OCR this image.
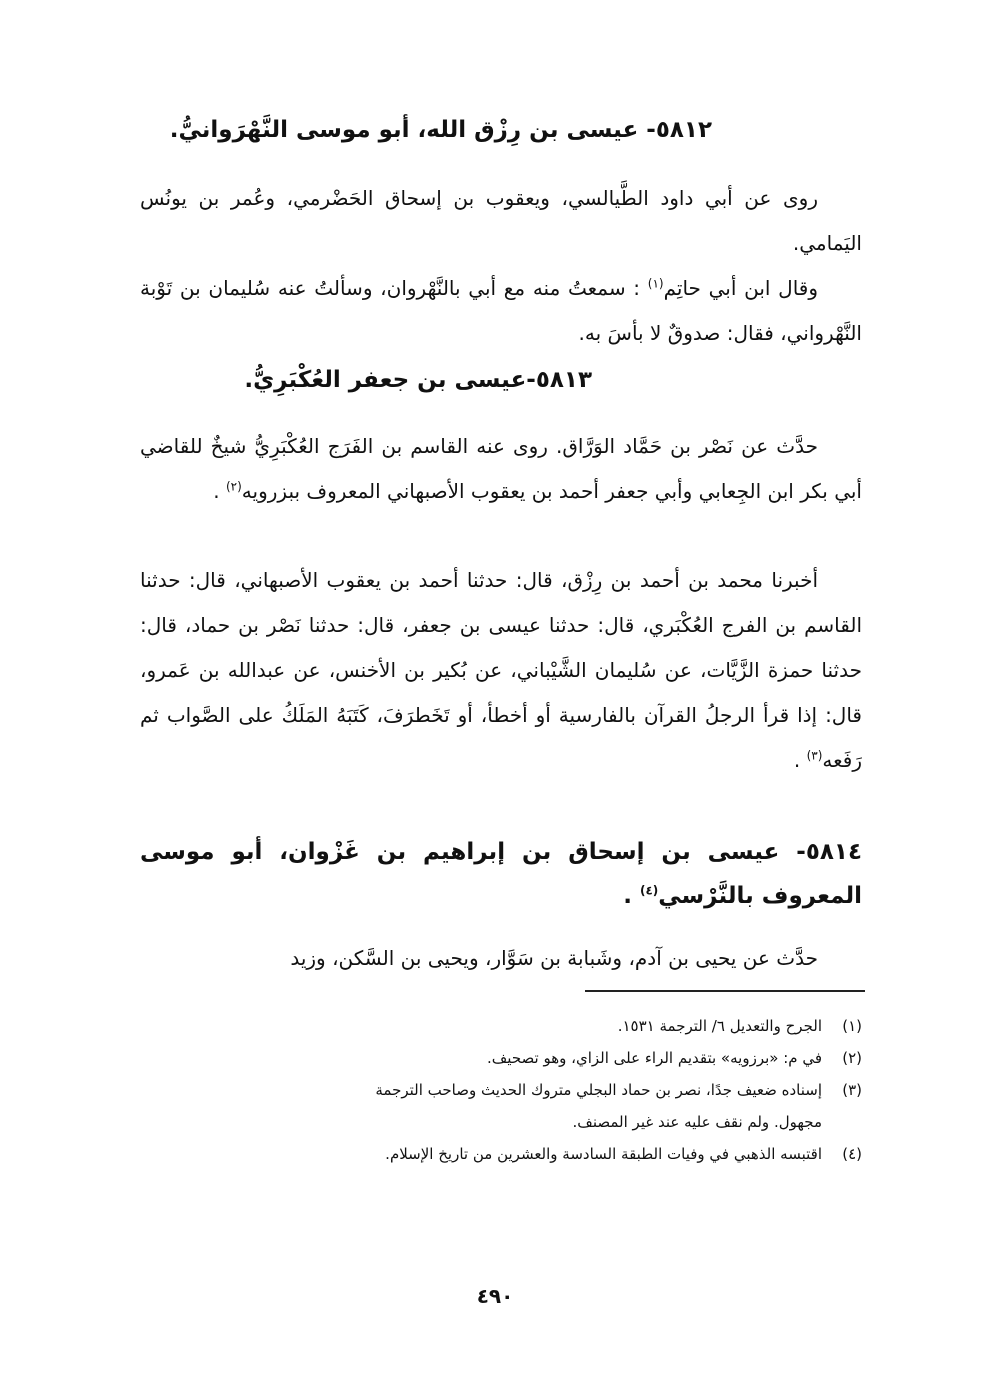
٥٨١٢- عيسى بن رِزْق الله، أبو موسى النَّهْرَوانيُّ.

روى عن أبي داود الطَّيالسي، ويعقوب بن إسحاق الحَضْرمي، وعُمر بن يونُس اليَمامي.

وقال ابن أبي حاتِم$^{(١)}$ : سمعتُ منه مع أبي بالنَّهْروان، وسألتُ عنه سُليمان بن تَوْبة النَّهْرواني، فقال: صدوقٌ لا بأسَ به.

٥٨١٣-عيسى بن جعفر العُكْبَرِيُّ.

حدَّث عن نَصْر بن حَمَّاد الوَرَّاق. روى عنه القاسم بن الفَرَج العُكْبَرِيُّ شيخٌ للقاضي أبي بكر ابن الجِعابي وأبي جعفر أحمد بن يعقوب الأصبهاني المعروف ببزرويه$^{(٢)}$ .

أخبرنا محمد بن أحمد بن رِزْق، قال: حدثنا أحمد بن يعقوب الأصبهاني، قال: حدثنا القاسم بن الفرج العُكْبَري، قال: حدثنا عيسى بن جعفر، قال: حدثنا نَصْر بن حماد، قال: حدثنا حمزة الزَّيَّات، عن سُليمان الشَّيْباني، عن بُكير بن الأخنس، عن عبدالله بن عَمرو، قال: إذا قرأ الرجلُ القرآن بالفارسية أو أخطأ، أو تَخَطرَفَ، كَتَبَهُ المَلَكُ على الصَّواب ثم رَفَعه$^{(٣)}$ .

٥٨١٤- عيسى بن إسحاق بن إبراهيم بن غَزْوان، أبو موسى المعروف بالنَّرْسي$^{(٤)}$ .

حدَّث عن يحيى بن آدم، وشَبابة بن سَوَّار، ويحيى بن السَّكن، وزيد

(١)
الجرح والتعديل ٦/ الترجمة ١٥٣١.
(٢)
في م: «برزويه» بتقديم الراء على الزاي، وهو تصحيف.
(٣)
إسناده ضعيف جدًا، نصر بن حماد البجلي متروك الحديث وصاحب الترجمة
مجهول. ولم نقف عليه عند غير المصنف.
(٤)
اقتبسه الذهبي في وفيات الطبقة السادسة والعشرين من تاريخ الإسلام.
٤٩٠
